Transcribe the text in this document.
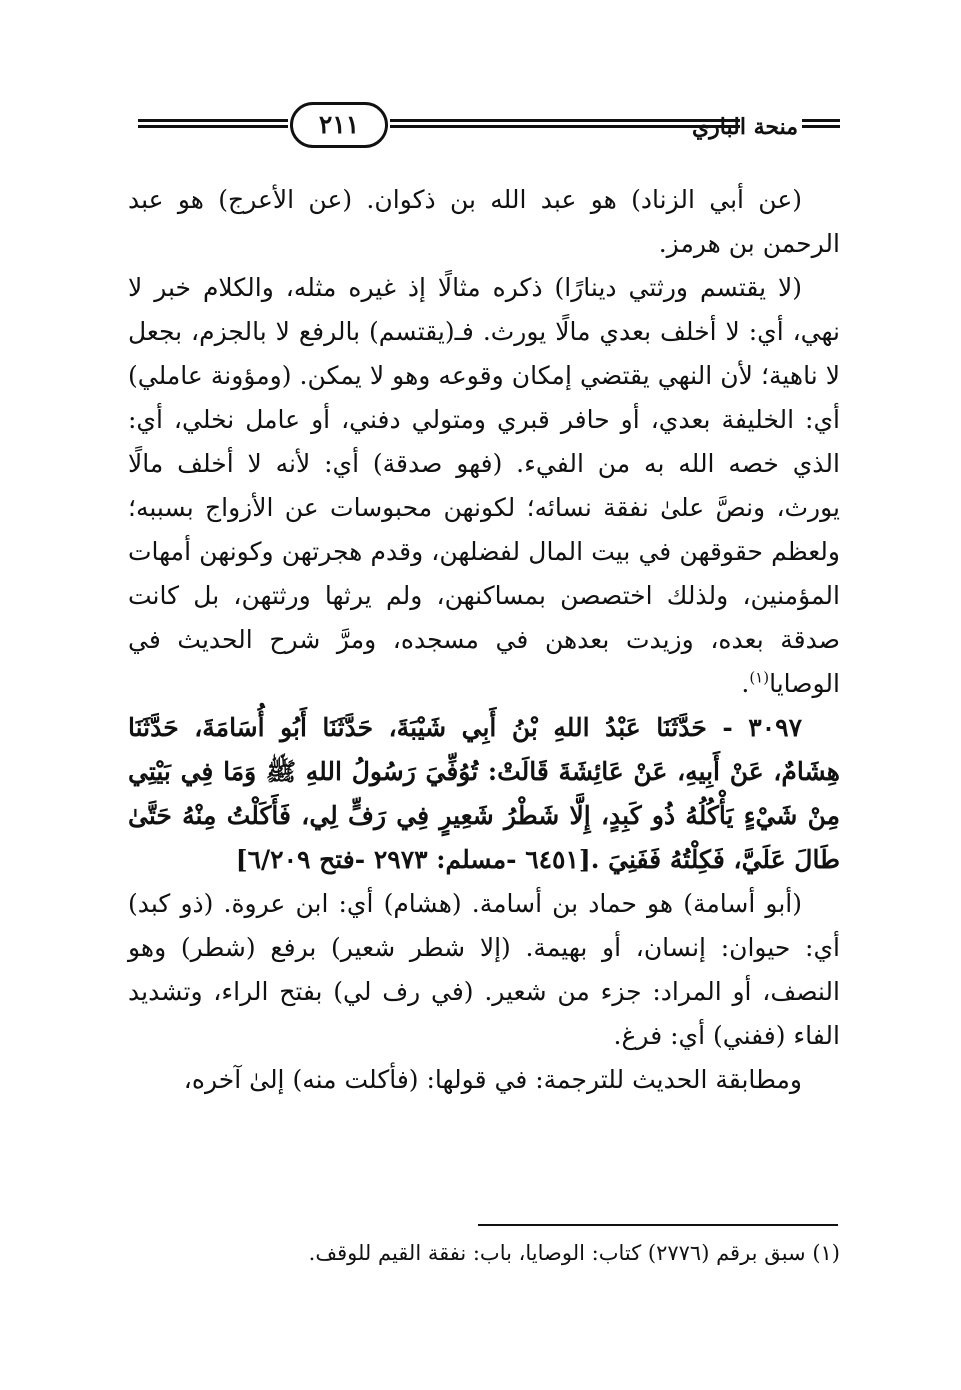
٢١١	منحة الباري

(عن أبي الزناد) هو عبد الله بن ذكوان. (عن الأعرج) هو عبد الرحمن بن هرمز.

(لا يقتسم ورثتي دينارًا) ذكره مثالًا إذ غيره مثله، والكلام خبر لا نهي، أي: لا أخلف بعدي مالًا يورث. فـ(يقتسم) بالرفع لا بالجزم، بجعل لا ناهية؛ لأن النهي يقتضي إمكان وقوعه وهو لا يمكن. (ومؤونة عاملي) أي: الخليفة بعدي، أو حافر قبري ومتولي دفني، أو عامل نخلي، أي: الذي خصه الله به من الفيء. (فهو صدقة) أي: لأنه لا أخلف مالًا يورث، ونصَّ علىٰ نفقة نسائه؛ لكونهن محبوسات عن الأزواج بسببه؛ ولعظم حقوقهن في بيت المال لفضلهن، وقدم هجرتهن وكونهن أمهات المؤمنين، ولذلك اختصصن بمساكنهن، ولم يرثها ورثتهن، بل كانت صدقة بعده، وزيدت بعدهن في مسجده، ومرَّ شرح الحديث في الوصايا$^{(١)}$.

٣٠٩٧ - حَدَّثَنَا عَبْدُ اللهِ بْنُ أَبِي شَيْبَةَ، حَدَّثَنَا أَبُو أُسَامَةَ، حَدَّثَنَا هِشَامٌ، عَنْ أَبِيهِ، عَنْ عَائِشَةَ قَالَتْ: تُوُفِّيَ رَسُولُ اللهِ ﷺ وَمَا فِي بَيْتِي مِنْ شَيْءٍ يَأْكُلُهُ ذُو كَبِدٍ، إِلَّا شَطْرُ شَعِيرٍ فِي رَفٍّ لِي، فَأَكَلْتُ مِنْهُ حَتَّىٰ طَالَ عَلَيَّ، فَكِلْتُهُ فَفَنِيَ .[٦٤٥١ -مسلم: ٢٩٧٣ -فتح ٦/٢٠٩]

(أبو أسامة) هو حماد بن أسامة. (هشام) أي: ابن عروة. (ذو كبد) أي: حيوان: إنسان، أو بهيمة. (إلا شطر شعير) برفع (شطر) وهو النصف، أو المراد: جزء من شعير. (في رف لي) بفتح الراء، وتشديد الفاء (ففني) أي: فرغ.

ومطابقة الحديث للترجمة: في قولها: (فأكلت منه) إلىٰ آخره،

(١) سبق برقم (٢٧٧٦) كتاب: الوصايا، باب: نفقة القيم للوقف.
